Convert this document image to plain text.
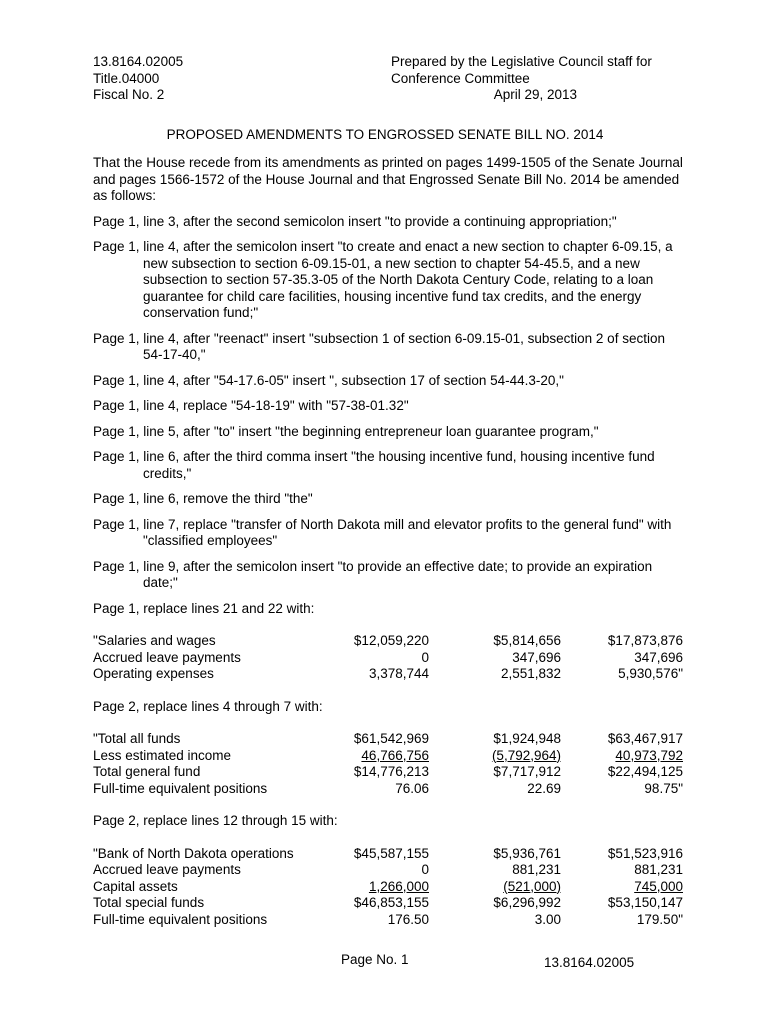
13.8164.02005
Title.04000
Fiscal No. 2
Prepared by the Legislative Council staff for
Conference Committee
April 29, 2013
PROPOSED AMENDMENTS TO ENGROSSED SENATE BILL NO. 2014

That the House recede from its amendments as printed on pages 1499-1505 of the Senate Journal and pages 1566-1572 of the House Journal and that Engrossed Senate Bill No. 2014 be amended as follows:

Page 1, line 3, after the second semicolon insert "to provide a continuing appropriation;"

Page 1, line 4, after the semicolon insert "to create and enact a new section to chapter 6-09.15, a new subsection to section 6-09.15-01, a new section to chapter 54-45.5, and a new subsection to section 57-35.3-05 of the North Dakota Century Code, relating to a loan guarantee for child care facilities, housing incentive fund tax credits, and the energy conservation fund;"

Page 1, line 4, after "reenact" insert "subsection 1 of section 6-09.15-01, subsection 2 of section 54-17-40,"

Page 1, line 4, after "54-17.6-05" insert ", subsection 17 of section 54-44.3-20,"

Page 1, line 4, replace "54-18-19" with "57-38-01.32"

Page 1, line 5, after "to" insert "the beginning entrepreneur loan guarantee program,"

Page 1, line 6, after the third comma insert "the housing incentive fund, housing incentive fund credits,"

Page 1, line 6, remove the third "the"

Page 1, line 7, replace "transfer of North Dakota mill and elevator profits to the general fund" with "classified employees"

Page 1, line 9, after the semicolon insert "to provide an effective date; to provide an expiration date;"

Page 1, replace lines 21 and 22 with:

"Salaries and wages	$12,059,220	$5,814,656	$17,873,876
Accrued leave payments	0	347,696	347,696
Operating expenses	3,378,744	2,551,832	5,930,576"

Page 2, replace lines 4 through 7 with:

"Total all funds	$61,542,969	$1,924,948	$63,467,917
Less estimated income	46,766,756	(5,792,964)	40,973,792
Total general fund	$14,776,213	$7,717,912	$22,494,125
Full-time equivalent positions	76.06	22.69	98.75"

Page 2, replace lines 12 through 15 with:

"Bank of North Dakota operations	$45,587,155	$5,936,761	$51,523,916
Accrued leave payments	0	881,231	881,231
Capital assets	1,266,000	(521,000)	745,000
Total special funds	$46,853,155	$6,296,992	$53,150,147
Full-time equivalent positions	176.50	3.00	179.50"
Page No. 1	13.8164.02005
